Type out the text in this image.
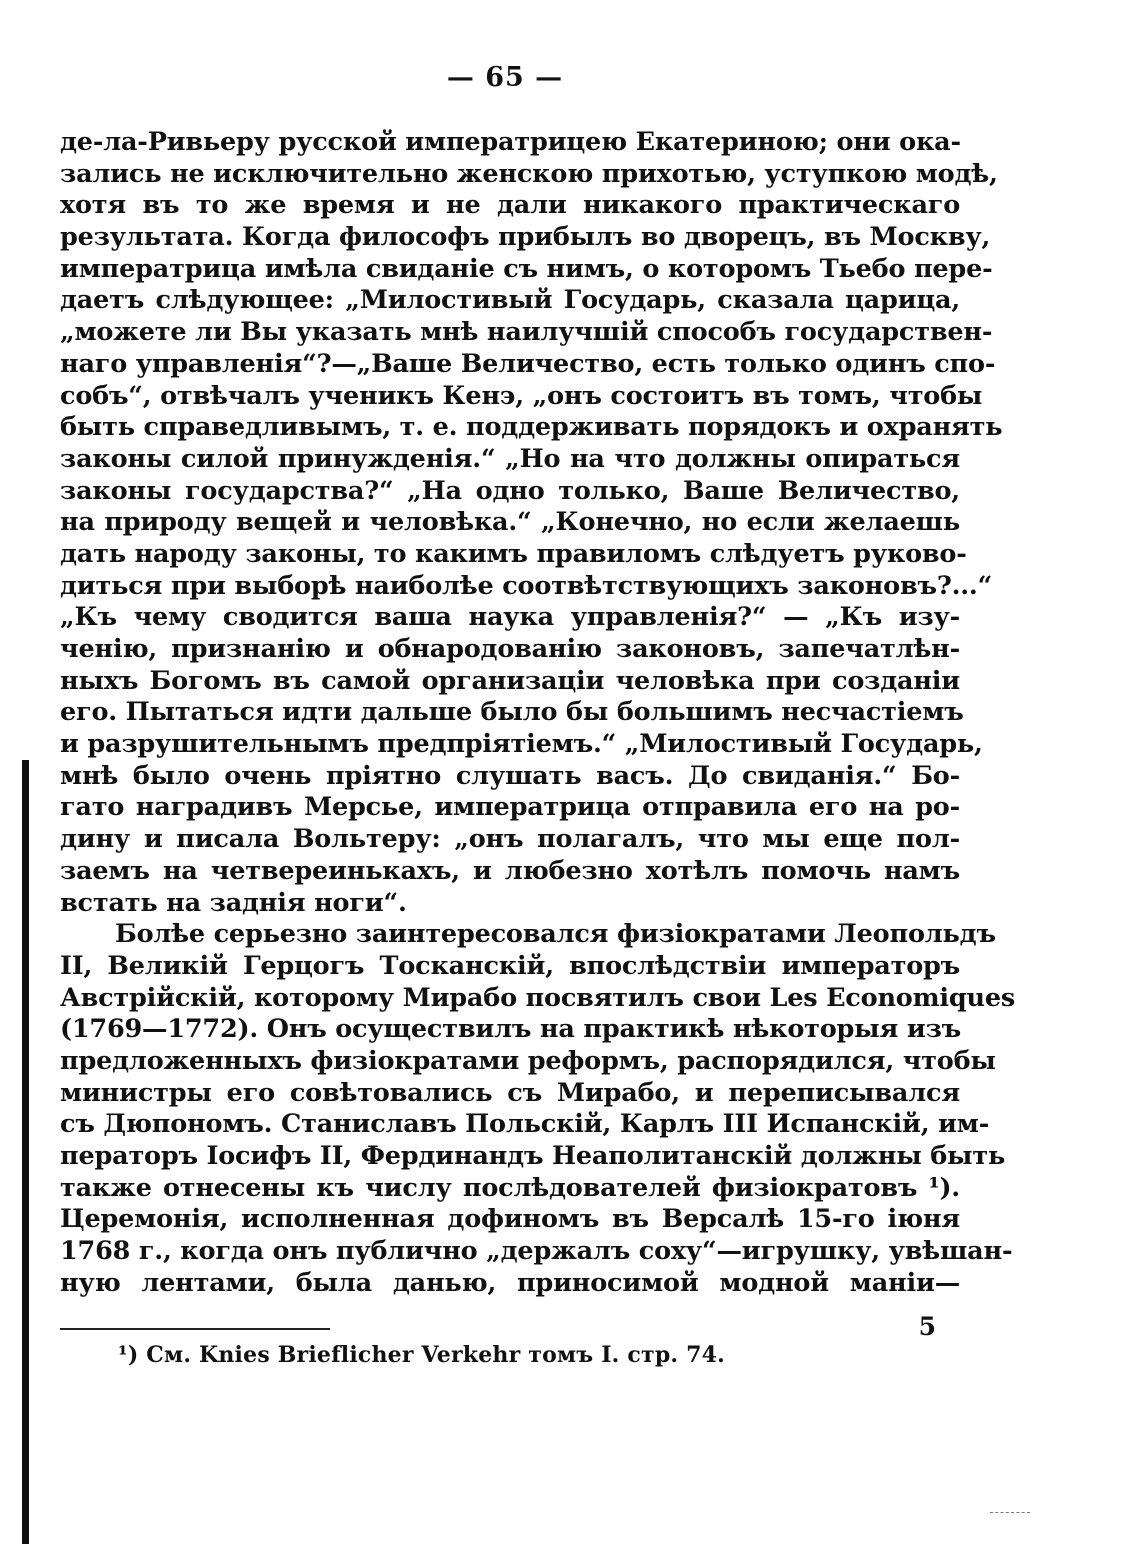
— 65 —
де-ла-Ривьеру русской императрицею Екатериною; они ока-
зались не исключительно женскою прихотью, уступкою модѣ,
хотя въ то же время и не дали никакого практическаго
результата. Когда философъ прибылъ во дворецъ, въ Москву,
императрица имѣла свиданіе съ нимъ, о которомъ Тьебо пере-
даетъ слѣдующее: „Милостивый Государь, сказала царица,
„можете ли Вы указать мнѣ наилучшій способъ государствен-
наго управленія“?—„Ваше Величество, есть только одинъ спо-
собъ“, отвѣчалъ ученикъ Кенэ, „онъ состоитъ въ томъ, чтобы
быть справедливымъ, т. е. поддерживать порядокъ и охранять
законы силой принужденія.“ „Но на что должны опираться
законы государства?“ „На одно только, Ваше Величество,
на природу вещей и человѣка.“ „Конечно, но если желаешь
дать народу законы, то какимъ правиломъ слѣдуетъ руково-
диться при выборѣ наиболѣе соотвѣтствующихъ законовъ?...“
„Къ чему сводится ваша наука управленія?“ — „Къ изу-
ченію, признанію и обнародованію законовъ, запечатлѣн-
ныхъ Богомъ въ самой организаціи человѣка при созданіи
его. Пытаться идти дальше было бы большимъ несчастіемъ
и разрушительнымъ предпріятіемъ.“ „Милостивый Государь,
мнѣ было очень пріятно слушать васъ. До свиданія.“ Бо-
гато наградивъ Мерсье, императрица отправила его на ро-
дину и писала Вольтеру: „онъ полагалъ, что мы еще пол-
заемъ на четвереинькахъ, и любезно хотѣлъ помочь намъ
встать на заднія ноги“.
Болѣе серьезно заинтересовался физіократами Леопольдъ
II, Великій Герцогъ Тосканскій, впослѣдствіи императоръ
Австрійскій, которому Мирабо посвятилъ свои Les Economiques
(1769—1772). Онъ осуществилъ на практикѣ нѣкоторыя изъ
предложенныхъ физіократами реформъ, распорядился, чтобы
министры его совѣтовались съ Мирабо, и переписывался
съ Дюпономъ. Станиславъ Польскій, Карлъ III Испанскій, им-
ператоръ Іосифъ II, Фердинандъ Неаполитанскій должны быть
также отнесены къ числу послѣдователей физіократовъ ¹).
Церемонія, исполненная дофиномъ въ Версалѣ 15-го іюня
1768 г., когда онъ публично „держалъ соху“—игрушку, увѣшан-
ную лентами, была данью, приносимой модной маніи—
5
¹) См. Knies Brieflicher Verkehr томъ I. стр. 74.
